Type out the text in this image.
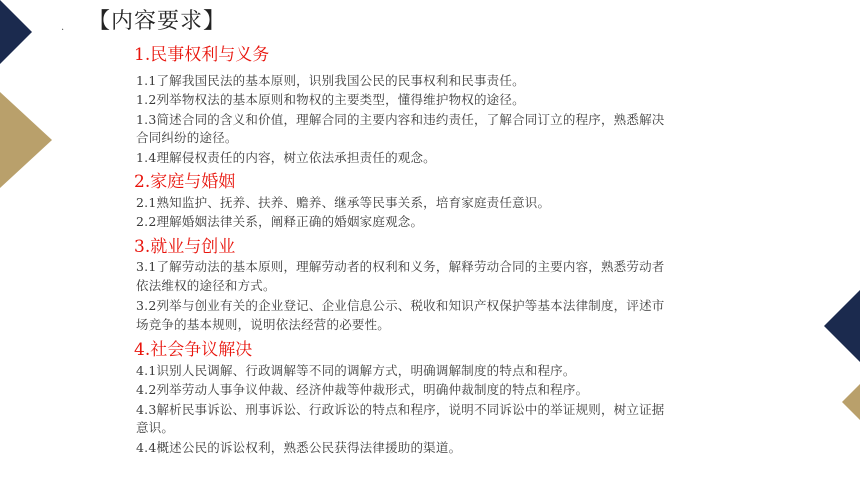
. 【内容要求】
1.民事权利与义务
1.1了解我国民法的基本原则，识别我国公民的民事权利和民事责任。
1.2列举物权法的基本原则和物权的主要类型，懂得维护物权的途径。
1.3简述合同的含义和价值，理解合同的主要内容和违约责任，了解合同订立的程序，熟悉解决
合同纠纷的途径。
1.4理解侵权责任的内容，树立依法承担责任的观念。
2.家庭与婚姻
2.1熟知监护、抚养、扶养、赡养、继承等民事关系，培育家庭责任意识。
2.2理解婚姻法律关系，阐释正确的婚姻家庭观念。
3.就业与创业
3.1了解劳动法的基本原则，理解劳动者的权利和义务，解释劳动合同的主要内容，熟悉劳动者
依法维权的途径和方式。
3.2列举与创业有关的企业登记、企业信息公示、税收和知识产权保护等基本法律制度，评述市
场竞争的基本规则，说明依法经营的必要性。
4.社会争议解决
4.1识别人民调解、行政调解等不同的调解方式，明确调解制度的特点和程序。
4.2列举劳动人事争议仲裁、经济仲裁等仲裁形式，明确仲裁制度的特点和程序。
4.3解析民事诉讼、刑事诉讼、行政诉讼的特点和程序，说明不同诉讼中的举证规则，树立证据
意识。
4.4概述公民的诉讼权利，熟悉公民获得法律援助的渠道。
